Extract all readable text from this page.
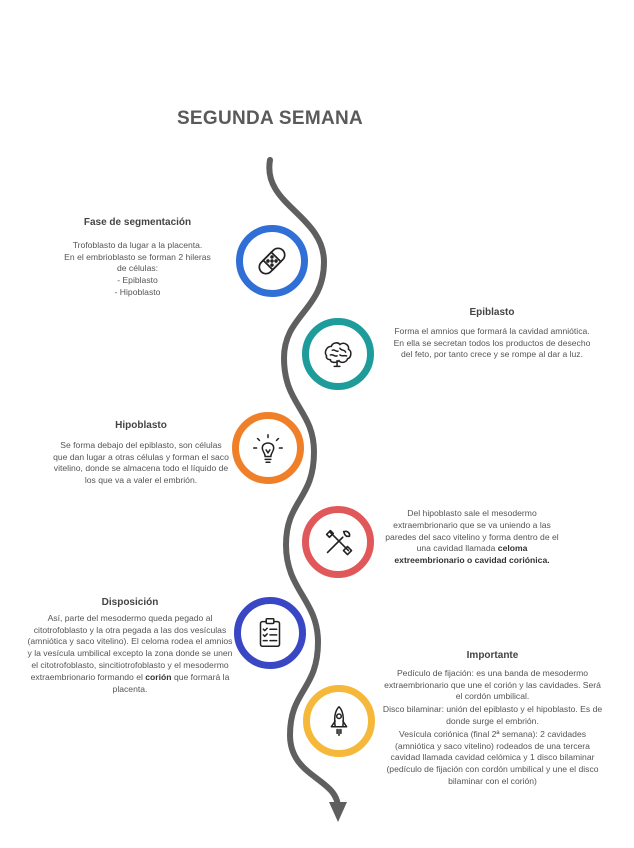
SEGUNDA SEMANA
Fase de segmentación

Trofoblasto da lugar a la placenta.

En el embrioblasto se forman 2 hileras de células:

- Epiblasto
- Hipoblasto
Epiblasto

Forma el amnios que formará la cavidad amniótica. En ella se secretan todos los productos de desecho del feto, por tanto crece y se rompe al dar a luz.

Hipoblasto

Se forma debajo del epiblasto, son células que dan lugar a otras células y forman el saco vitelino, donde se almacena todo el líquido de los que va a valer el embrión.

Del hipoblasto sale el mesodermo extraembrionario que se va uniendo a las paredes del saco vitelino y forma dentro de el una cavidad llamada celoma extreembrionario o cavidad coriónica.

Disposición

Así, parte del mesodermo queda pegado al citotrofoblasto y la otra pegada a las dos vesículas (amniótica y saco vitelino). El celoma rodea el amnios y la vesícula umbilical excepto la zona donde se unen el citotrofoblasto, sincitiotrofoblasto y el mesodermo extraembrionario formando el corión que formará la placenta.

Importante

Pedículo de fijación: es una banda de mesodermo extraembrionario que une el corión y las cavidades. Será el cordón umbilical.

Disco bilaminar: unión del epiblasto y el hipoblasto. Es de donde surge el embrión.

Vesícula coriónica (final 2ª semana): 2 cavidades (amniótica y saco vitelino) rodeados de una tercera cavidad llamada cavidad celómica y 1 disco bilaminar (pedículo de fijación con cordón umbilical y une el disco bilaminar con el corión)
